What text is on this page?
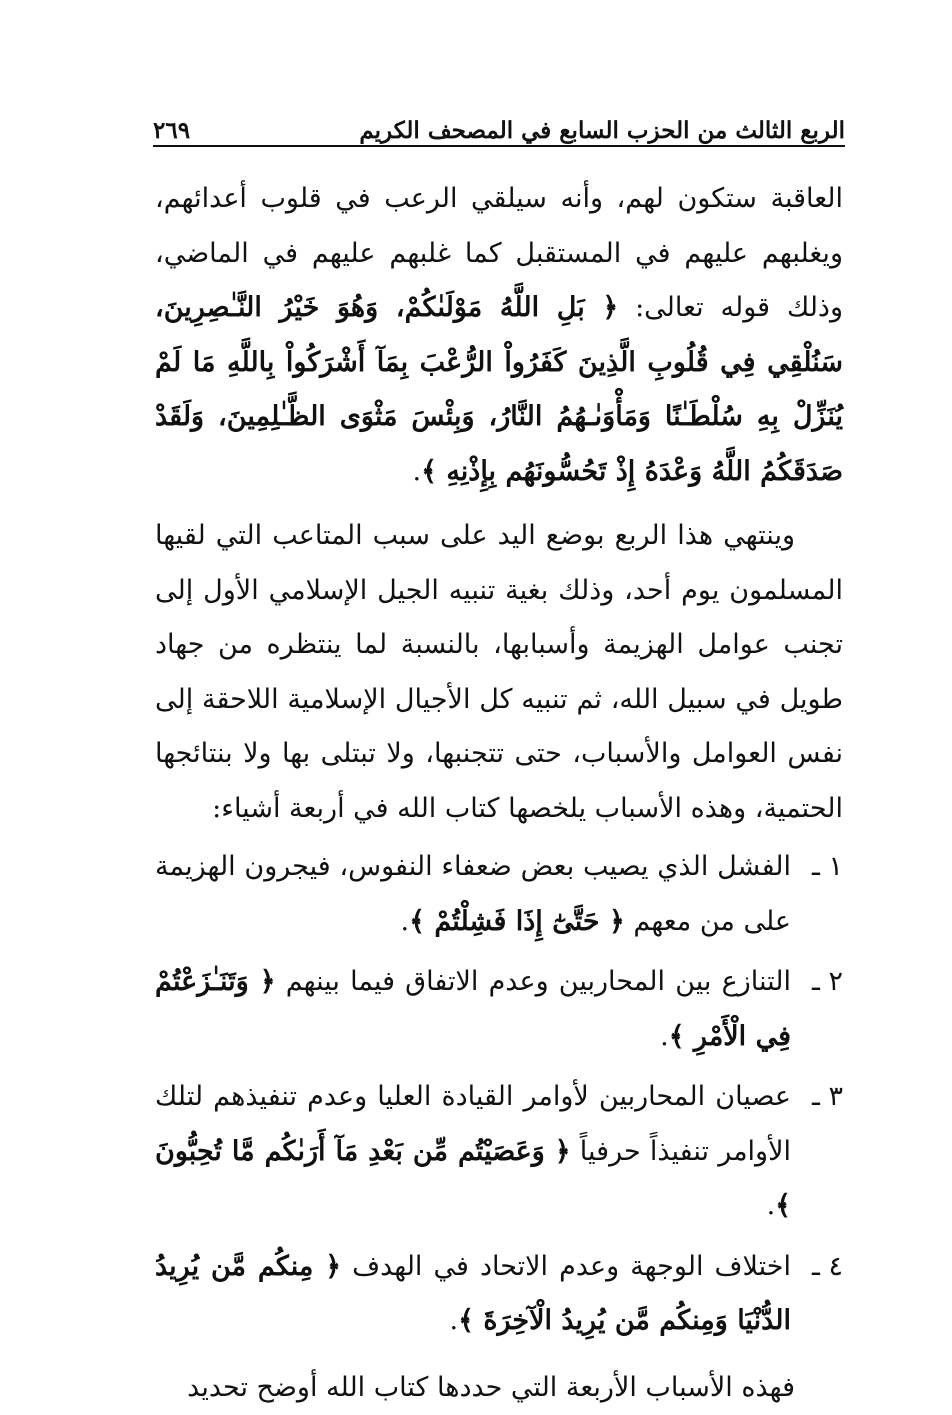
الربع الثالث من الحزب السابع في المصحف الكريم
٢٦٩

العاقبة ستكون لهم، وأنه سيلقي الرعب في قلوب أعدائهم، ويغلبهم عليهم في المستقبل كما غلبهم عليهم في الماضي، وذلك قوله تعالى: ﴿ بَلِ اللَّهُ مَوْلَىٰكُمْ، وَهُوَ خَيْرُ النَّـٰصِرِينَ، سَنُلْقِي فِي قُلُوبِ الَّذِينَ كَفَرُواْ الرُّعْبَ بِمَآ أَشْرَكُواْ بِاللَّهِ مَا لَمْ يُنَزِّلْ بِهِ سُلْطَـٰنًا وَمَأْوَىٰـهُمُ النَّارُ، وَبِئْسَ مَثْوَى الظَّـٰلِمِينَ، وَلَقَدْ صَدَقَكُمُ اللَّهُ وَعْدَهُ إِذْ تَحُسُّونَهُم بِإِذْنِهِ ﴾.

وينتهي هذا الربع بوضع اليد على سبب المتاعب التي لقيها المسلمون يوم أحد، وذلك بغية تنبيه الجيل الإسلامي الأول إلى تجنب عوامل الهزيمة وأسبابها، بالنسبة لما ينتظره من جهاد طويل في سبيل الله، ثم تنبيه كل الأجيال الإسلامية اللاحقة إلى نفس العوامل والأسباب، حتى تتجنبها، ولا تبتلى بها ولا بنتائجها الحتمية، وهذه الأسباب يلخصها كتاب الله في أربعة أشياء:

١ ـ
الفشل الذي يصيب بعض ضعفاء النفوس، فيجرون الهزيمة على من معهم ﴿ حَتَّىٰٓ إِذَا فَشِلْتُمْ ﴾.
٢ ـ
التنازع بين المحاربين وعدم الاتفاق فيما بينهم ﴿ وَتَنَـٰزَعْتُمْ فِي الْأَمْرِ ﴾.
٣ ـ
عصيان المحاربين لأوامر القيادة العليا وعدم تنفيذهم لتلك الأوامر تنفيذاً حرفياً ﴿ وَعَصَيْتُم مِّن بَعْدِ مَآ أَرَىٰكُم مَّا تُحِبُّونَ ﴾.
٤ ـ
اختلاف الوجهة وعدم الاتحاد في الهدف ﴿ مِنكُم مَّن يُرِيدُ الدُّنْيَا وَمِنكُم مَّن يُرِيدُ الْآخِرَةَ ﴾.

فهذه الأسباب الأربعة التي حددها كتاب الله أوضح تحديد
